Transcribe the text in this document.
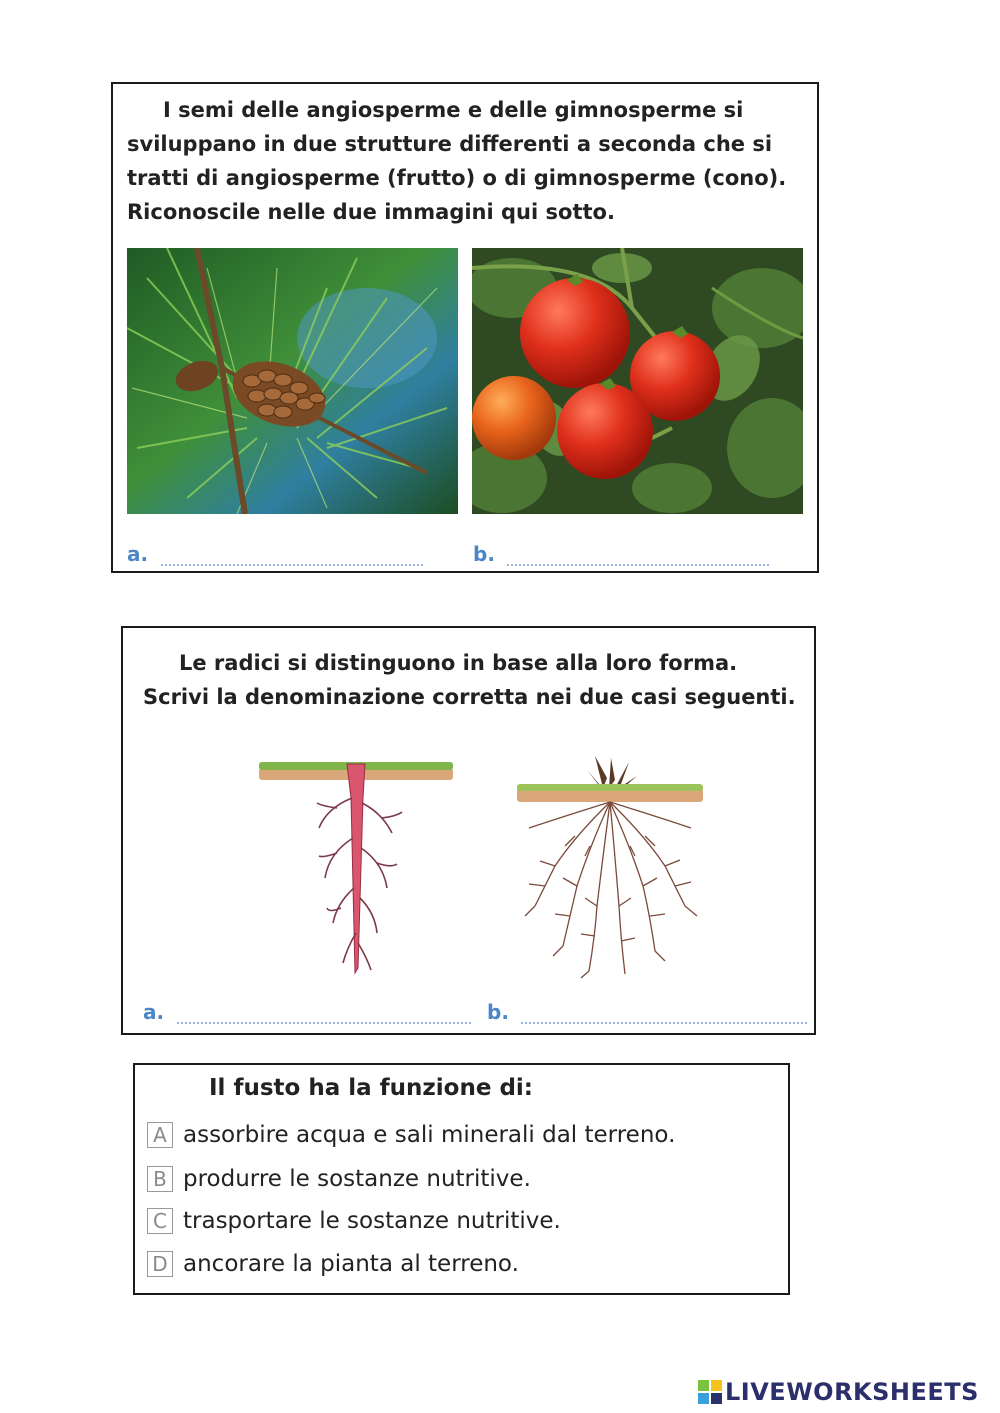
I semi delle angiosperme e delle gimnosperme si sviluppano in due strutture differenti a seconda che si tratti di angiosperme (frutto) o di gimnosperme (cono). Riconoscile nelle due immagini qui sotto.

a.	b.

Le radici si distinguono in base alla loro forma. Scrivi la denominazione corretta nei due casi seguenti.

a.	b.

Il fusto ha la funzione di:

A assorbire acqua e sali minerali dal terreno.
B produrre le sostanze nutritive.
C trasportare le sostanze nutritive.
D ancorare la pianta al terreno.
LIVEWORKSHEETS
